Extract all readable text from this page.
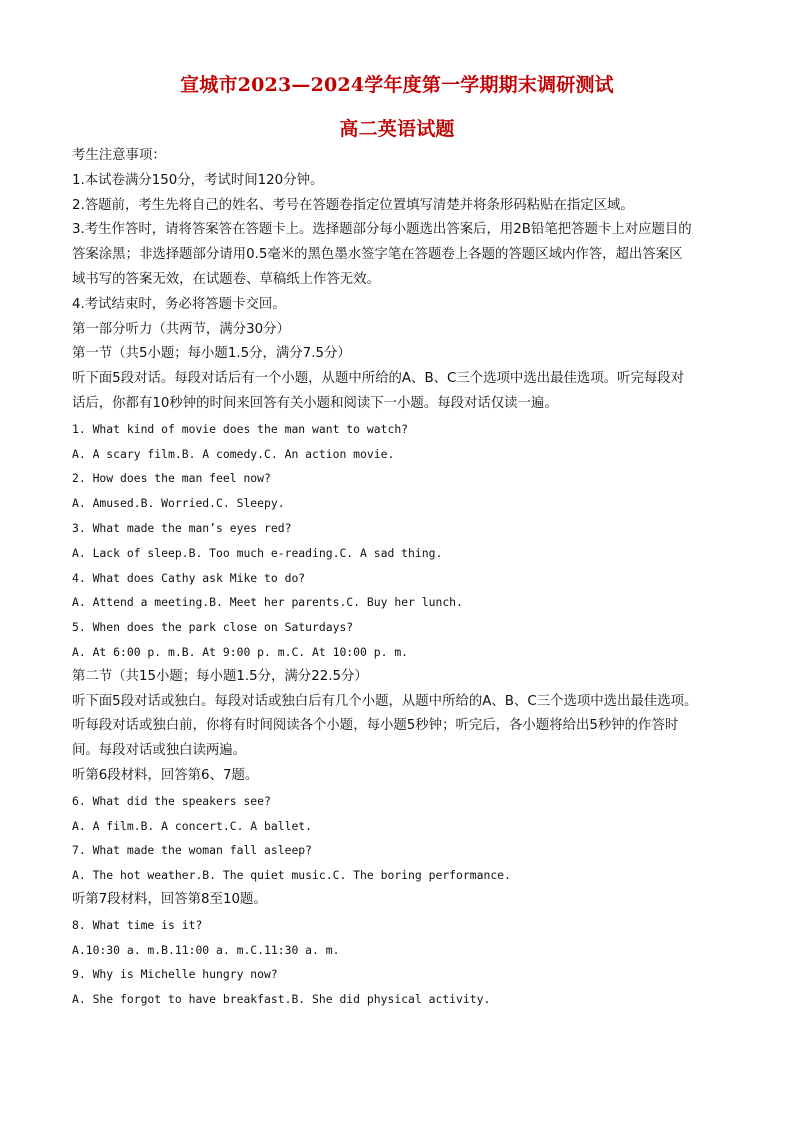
宣城市2023—2024学年度第一学期期末调研测试
高二英语试题
考生注意事项：
1.本试卷满分150分，考试时间120分钟。
2.答题前，考生先将自己的姓名、考号在答题卷指定位置填写清楚并将条形码粘贴在指定区域。
3.考生作答时，请将答案答在答题卡上。选择题部分每小题选出答案后，用2B铅笔把答题卡上对应题目的
答案涂黑；非选择题部分请用0.5毫米的黑色墨水签字笔在答题卷上各题的答题区域内作答，超出答案区
域书写的答案无效，在试题卷、草稿纸上作答无效。
4.考试结束时，务必将答题卡交回。
第一部分听力（共两节，满分30分）
第一节（共5小题；每小题1.5分，满分7.5分）
听下面5段对话。每段对话后有一个小题，从题中所给的A、B、C三个选项中选出最佳选项。听完每段对
话后，你都有10秒钟的时间来回答有关小题和阅读下一小题。每段对话仅读一遍。
1. What kind of movie does the man want to watch?
A. A scary film.B. A comedy.C. An action movie.
2. How does the man feel now?
A. Amused.B. Worried.C. Sleepy.
3. What made the man’s eyes red?
A. Lack of sleep.B. Too much e-reading.C. A sad thing.
4. What does Cathy ask Mike to do?
A. Attend a meeting.B. Meet her parents.C. Buy her lunch.
5. When does the park close on Saturdays?
A. At 6:00 p. m.B. At 9:00 p. m.C. At 10:00 p. m.
第二节（共15小题；每小题1.5分，满分22.5分）
听下面5段对话或独白。每段对话或独白后有几个小题，从题中所给的A、B、C三个选项中选出最佳选项。
听每段对话或独白前，你将有时间阅读各个小题，每小题5秒钟；听完后，各小题将给出5秒钟的作答时
间。每段对话或独白读两遍。
听第6段材料，回答第6、7题。
6. What did the speakers see?
A. A film.B. A concert.C. A ballet.
7. What made the woman fall asleep?
A. The hot weather.B. The quiet music.C. The boring performance.
听第7段材料，回答第8至10题。
8. What time is it?
A.10:30 a. m.B.11:00 a. m.C.11:30 a. m.
9. Why is Michelle hungry now?
A. She forgot to have breakfast.B. She did physical activity.
